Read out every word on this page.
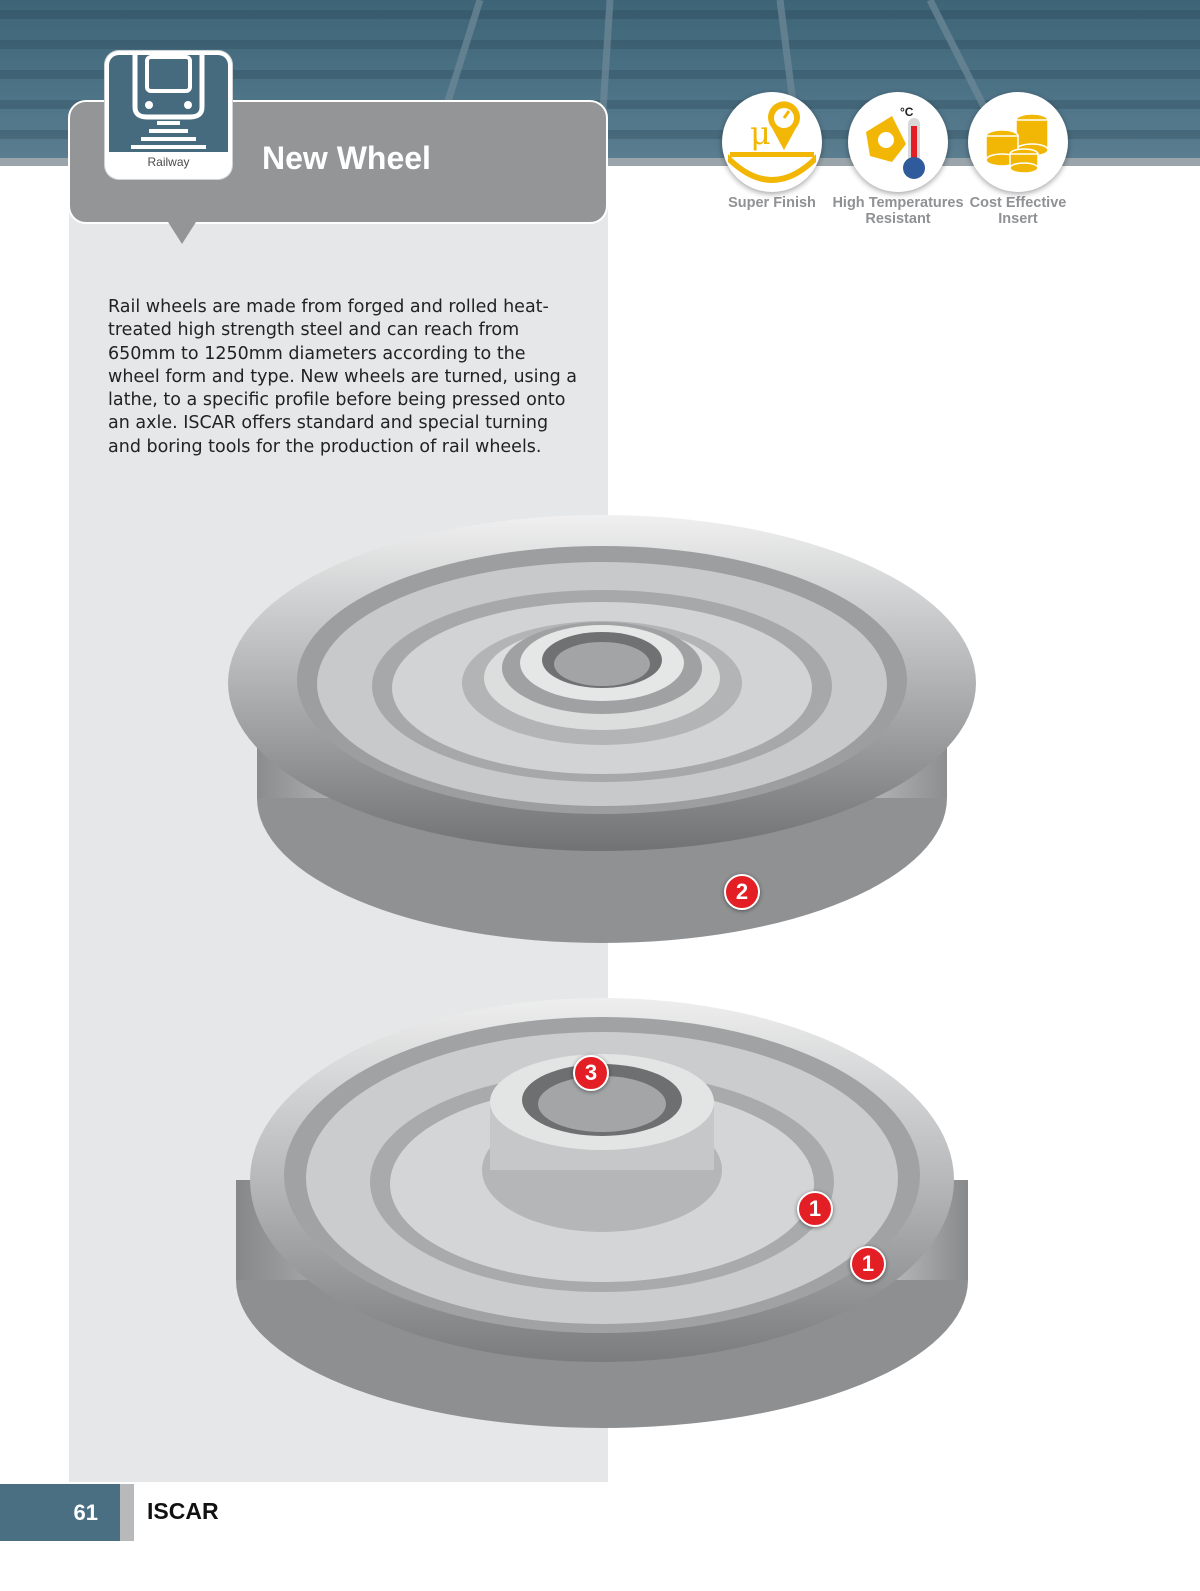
New Wheel
Railway
μ
Super Finish
°C
High Temperatures Resistant
Cost Effective Insert

Rail wheels are made from forged and rolled heat-treated high strength steel and can reach from 650mm to 1250mm diameters according to the wheel form and type. New wheels are turned, using a lathe, to a specific profile before being pressed onto an axle. ISCAR offers standard and special turning and boring tools for the production of rail wheels.

2
3
1
1
61	ISCAR
